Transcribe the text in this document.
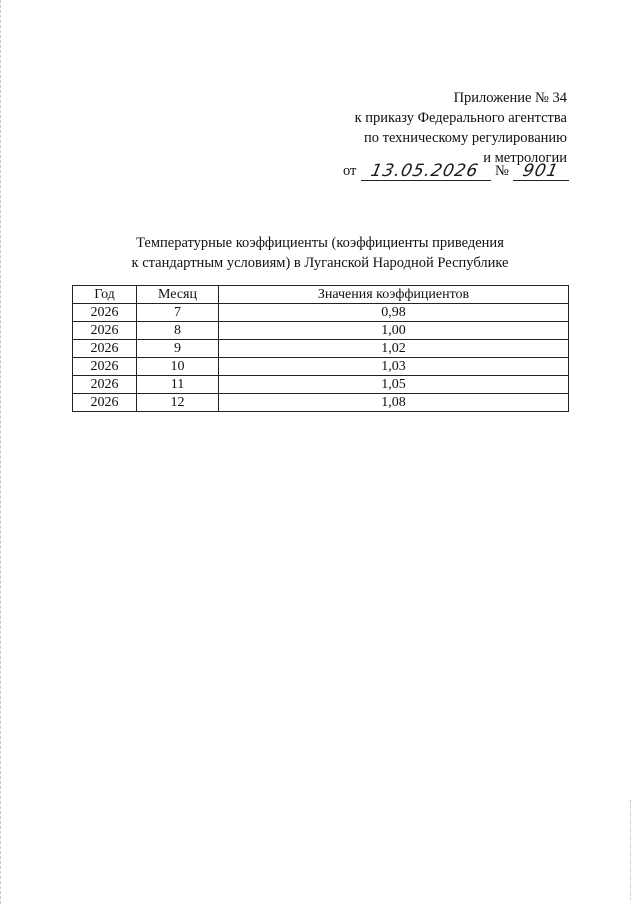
Приложение № 34
к приказу Федерального агентства
по техническому регулированию
и метрологии
от 13.05.2026 № 901
Температурные коэффициенты (коэффициенты приведения
к стандартным условиям) в Луганской Народной Республике
Год	Месяц	Значения коэффициентов
2026	7	0,98
2026	8	1,00
2026	9	1,02
2026	10	1,03
2026	11	1,05
2026	12	1,08
